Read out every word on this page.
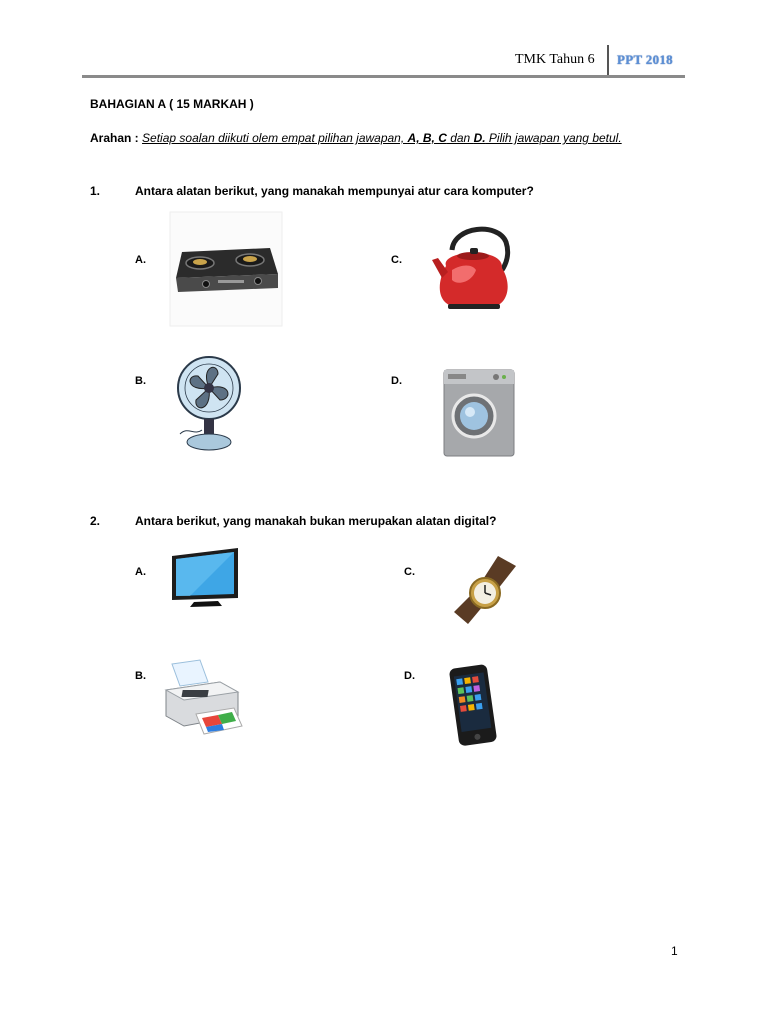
TMK Tahun 6 PPT 2018
BAHAGIAN A ( 15 MARKAH )
Arahan : Setiap soalan diikuti olem empat pilihan jawapan, A, B, C dan D. Pilih jawapan yang betul.
1.	Antara alatan berikut, yang manakah mempunyai atur cara komputer?
A.	C.
B.	D.
2.	Antara berikut, yang manakah bukan merupakan alatan digital?
A.	C.
B.	D.
1
